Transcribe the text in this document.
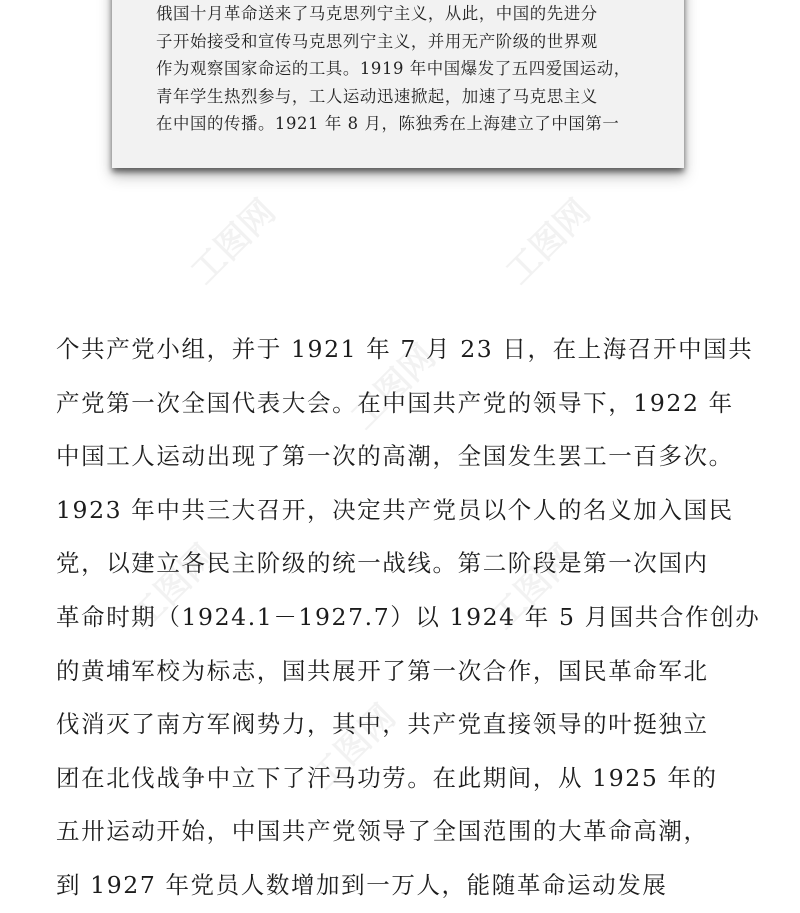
工图网	工图网
工图网
工图网	工图网
工图网
俄国十月革命送来了马克思列宁主义，从此，中国的先进分
子开始接受和宣传马克思列宁主义，并用无产阶级的世界观
作为观察国家命运的工具。1919 年中国爆发了五四爱国运动，
青年学生热烈参与，工人运动迅速掀起，加速了马克思主义
在中国的传播。1921 年 8 月，陈独秀在上海建立了中国第一
个共产党小组，并于 1921 年 7 月 23 日，在上海召开中国共
产党第一次全国代表大会。在中国共产党的领导下，1922 年
中国工人运动出现了第一次的高潮，全国发生罢工一百多次。
1923 年中共三大召开，决定共产党员以个人的名义加入国民
党，以建立各民主阶级的统一战线。第二阶段是第一次国内
革命时期（1924.1－1927.7）以 1924 年 5 月国共合作创办
的黄埔军校为标志，国共展开了第一次合作，国民革命军北
伐消灭了南方军阀势力，其中，共产党直接领导的叶挺独立
团在北伐战争中立下了汗马功劳。在此期间，从 1925 年的
五卅运动开始，中国共产党领导了全国范围的大革命高潮，
到 1927 年党员人数增加到一万人，能随革命运动发展
